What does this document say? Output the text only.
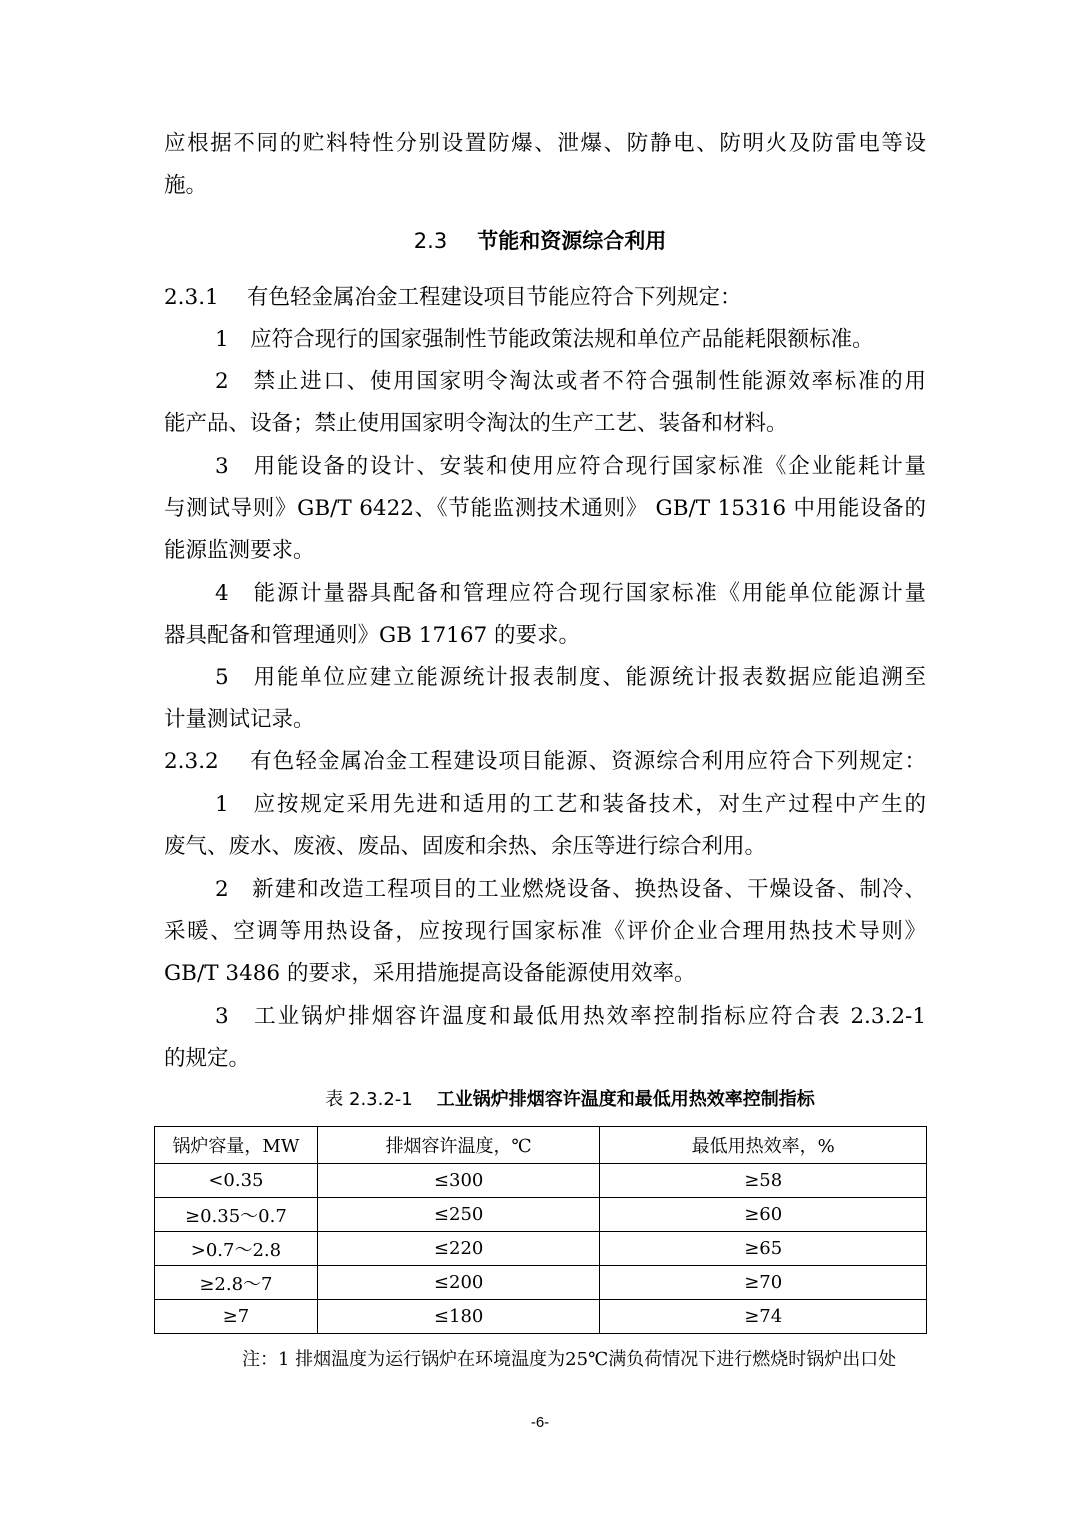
应根据不同的贮料特性分别设置防爆、泄爆、防静电、防明火及防雷电等设
施。
2.3 节能和资源综合利用
2.3.1　 有色轻金属冶金工程建设项目节能应符合下列规定：
1　应符合现行的国家强制性节能政策法规和单位产品能耗限额标准。
2　禁止进口、使用国家明令淘汰或者不符合强制性能源效率标准的用
能产品、设备；禁止使用国家明令淘汰的生产工艺、装备和材料。
3　用能设备的设计、安装和使用应符合现行国家标准《企业能耗计量
与测试导则》GB/T 6422、《节能监测技术通则》 GB/T 15316 中用能设备的
能源监测要求。
4　能源计量器具配备和管理应符合现行国家标准《用能单位能源计量
器具配备和管理通则》GB 17167 的要求。
5　用能单位应建立能源统计报表制度、能源统计报表数据应能追溯至
计量测试记录。
2.3.2　 有色轻金属冶金工程建设项目能源、资源综合利用应符合下列规定：
1　应按规定采用先进和适用的工艺和装备技术，对生产过程中产生的
废气、废水、废液、废品、固废和余热、余压等进行综合利用。
2　新建和改造工程项目的工业燃烧设备、换热设备、干燥设备、制冷、
采暖、空调等用热设备，应按现行国家标准《评价企业合理用热技术导则》
GB/T 3486 的要求，采用措施提高设备能源使用效率。
3　工业锅炉排烟容许温度和最低用热效率控制指标应符合表 2.3.2-1
的规定。
表 2.3.2-1 工业锅炉排烟容许温度和最低用热效率控制指标
锅炉容量，MW	排烟容许温度，℃	最低用热效率，%
<0.35	≤300	≥58
≥0.35～0.7	≤250	≥60
>0.7～2.8	≤220	≥65
≥2.8～7	≤200	≥70
≥7	≤180	≥74
注：1 排烟温度为运行锅炉在环境温度为25℃满负荷情况下进行燃烧时锅炉出口处
-6-
